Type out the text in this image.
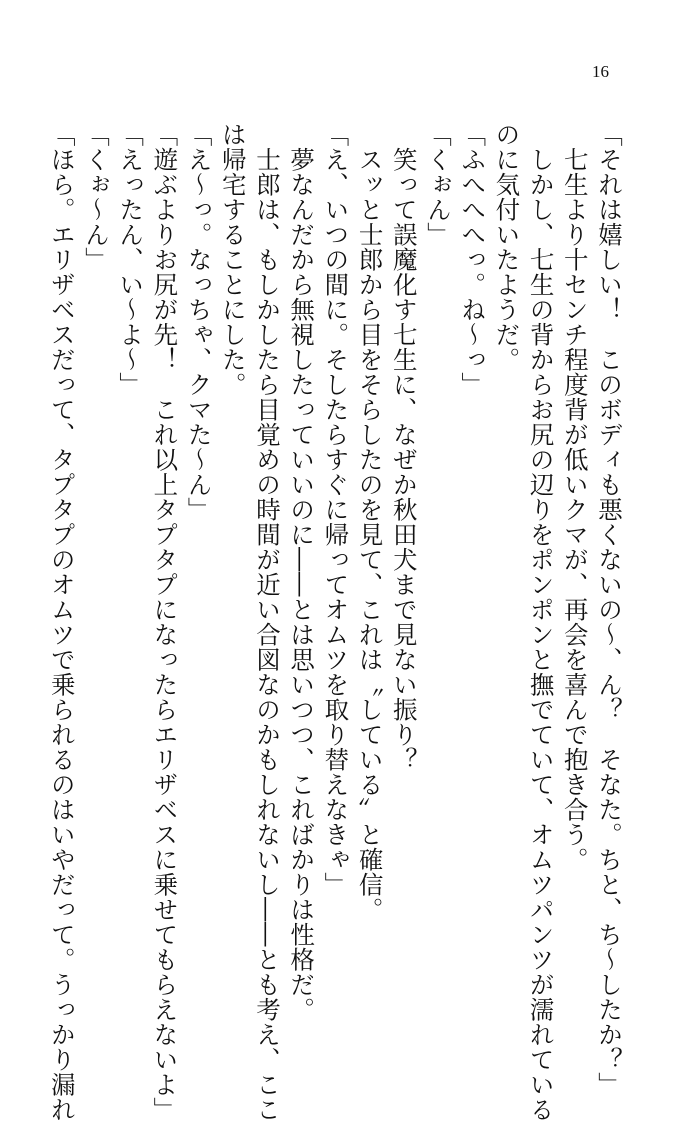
16

「それは嬉しい！　このボディも悪くないの〜、ん？　そなた。ちと、ち〜したか？」

七生より十センチ程度背が低いクマが、再会を喜んで抱き合う。

しかし、七生の背からお尻の辺りをポンポンと撫でていて、オムツパンツが濡れている

のに気付いたようだ。

「ふへへへっ。ね〜っ」

「くぉん」

笑って誤魔化す七生に、なぜか秋田犬まで見ない振り？

スッと士郎から目をそらしたのを見て、これは〝している〟と確信。

「え、いつの間に。そしたらすぐに帰ってオムツを取り替えなきゃ」

夢なんだから無視したっていいのに――とは思いつつ、こればかりは性格だ。

士郎は、もしかしたら目覚めの時間が近い合図なのかもしれないし――とも考え、ここ

は帰宅することにした。

「え〜っ。なっちゃ、クマた〜ん」

「遊ぶよりお尻が先！　これ以上タプタプになったらエリザベスに乗せてもらえないよ」

「えったん、い〜よ〜」

「くぉ〜ん」

「ほら。エリザベスだって、タプタプのオムツで乗られるのはいやだって。うっかり漏れ
